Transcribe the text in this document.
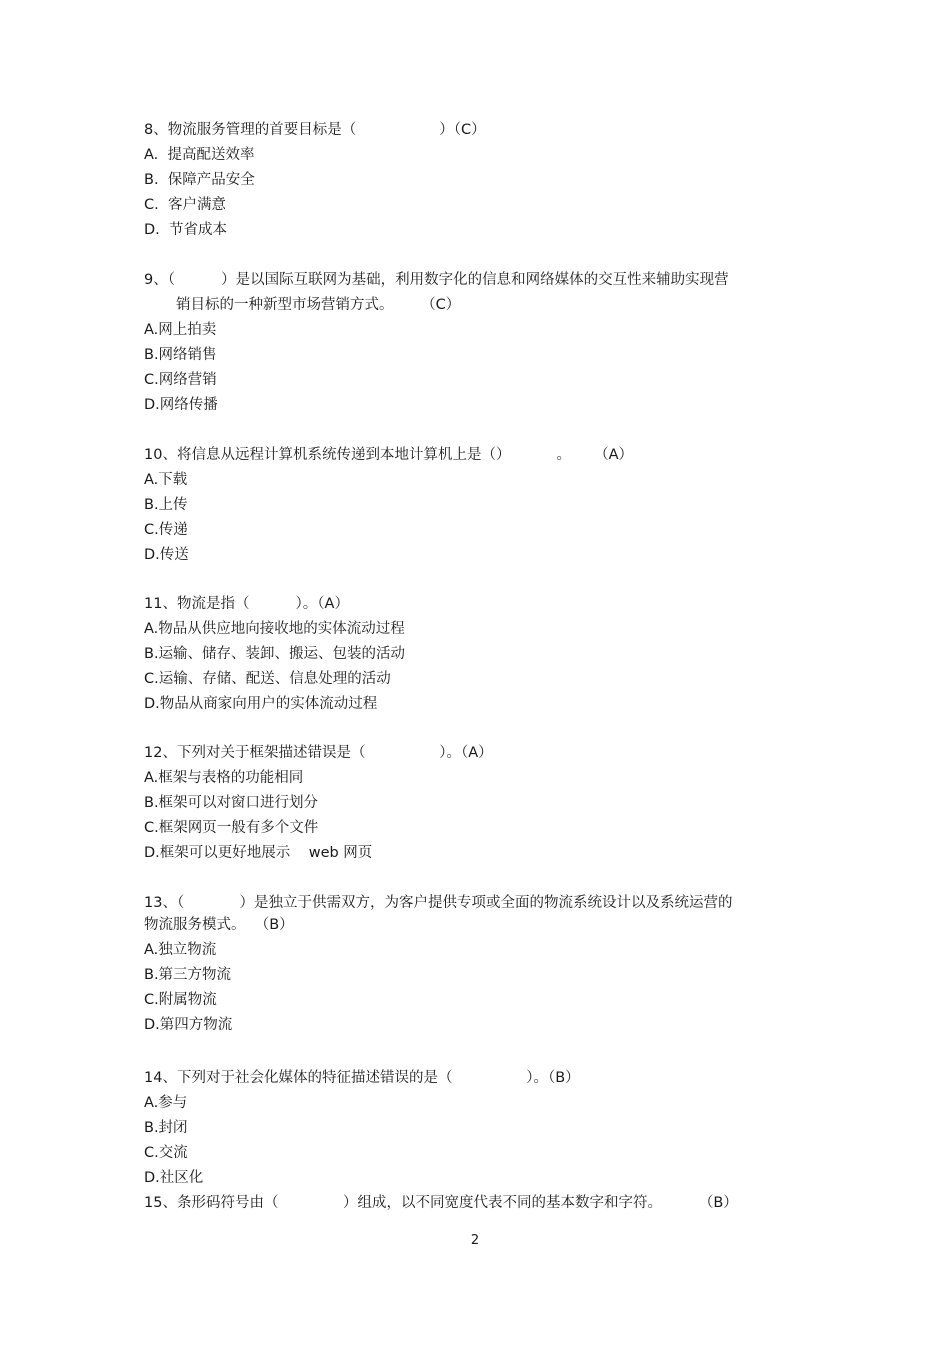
8、物流服务管理的首要目标是（                  ）（C）
A.  提高配送效率
B.  保障产品安全
C.  客户满意
D.  节省成本
9、（          ）是以国际互联网为基础，利用数字化的信息和网络媒体的交互性来辅助实现营
销目标的一种新型市场营销方式。      （C）
A.网上拍卖
B.网络销售
C.网络营销
D.网络传播
10、将信息从远程计算机系统传递到本地计算机上是（）          。     （A）
A.下载
B.上传
C.传递
D.传送
11、物流是指（          ）。（A）
A.物品从供应地向接收地的实体流动过程
B.运输、储存、装卸、搬运、包装的活动
C.运输、存储、配送、信息处理的活动
D.物品从商家向用户的实体流动过程
12、下列对关于框架描述错误是（                ）。（A）
A.框架与表格的功能相同
B.框架可以对窗口进行划分
C.框架网页一般有多个文件
D.框架可以更好地展示    web 网页
13、（            ）是独立于供需双方，为客户提供专项或全面的物流系统设计以及系统运营的
物流服务模式。  （B）
A.独立物流
B.第三方物流
C.附属物流
D.第四方物流
14、下列对于社会化媒体的特征描述错误的是（                ）。（B）
A.参与
B.封闭
C.交流
D.社区化
15、条形码符号由（              ）组成，以不同宽度代表不同的基本数字和字符。        （B）
2
